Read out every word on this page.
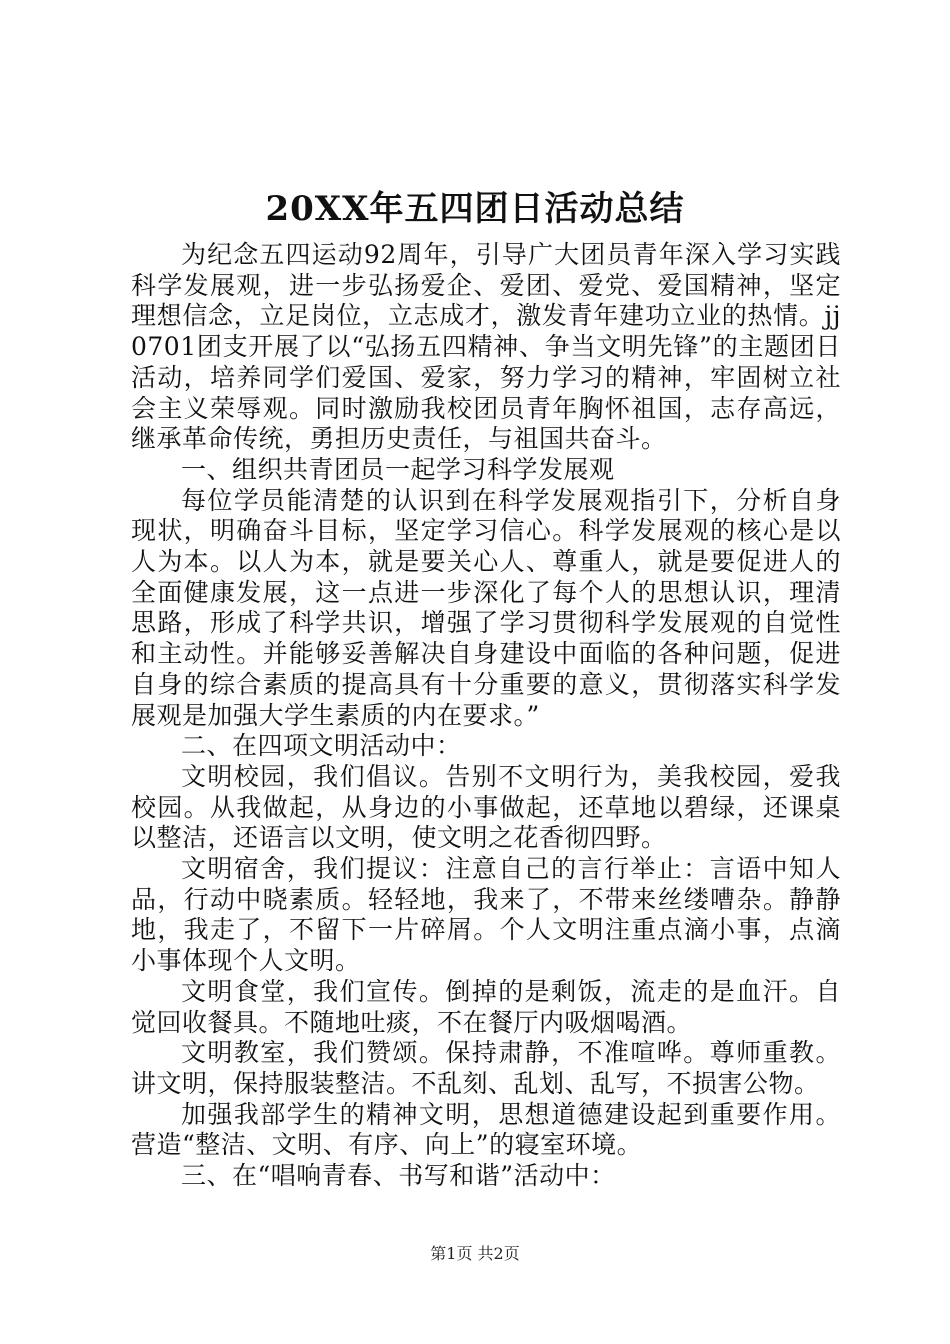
20XX年五四团日活动总结

为纪念五四运动92周年，引导广大团员青年深入学习实践科学发展观，进一步弘扬爱企、爱团、爱党、爱国精神，坚定理想信念，立足岗位，立志成才，激发青年建功立业的热情。jj0701团支开展了以“弘扬五四精神、争当文明先锋”的主题团日活动，培养同学们爱国、爱家，努力学习的精神，牢固树立社会主义荣辱观。同时激励我校团员青年胸怀祖国，志存高远，继承革命传统，勇担历史责任，与祖国共奋斗。

一、组织共青团员一起学习科学发展观

每位学员能清楚的认识到在科学发展观指引下，分析自身现状，明确奋斗目标，坚定学习信心。科学发展观的核心是以人为本。以人为本，就是要关心人、尊重人，就是要促进人的全面健康发展，这一点进一步深化了每个人的思想认识，理清思路，形成了科学共识，增强了学习贯彻科学发展观的自觉性和主动性。并能够妥善解决自身建设中面临的各种问题，促进自身的综合素质的提高具有十分重要的意义，贯彻落实科学发展观是加强大学生素质的内在要求。”

二、在四项文明活动中：

文明校园，我们倡议。告别不文明行为，美我校园，爱我校园。从我做起，从身边的小事做起，还草地以碧绿，还课桌以整洁，还语言以文明，使文明之花香彻四野。

文明宿舍，我们提议：注意自己的言行举止：言语中知人品，行动中晓素质。轻轻地，我来了，不带来丝缕嘈杂。静静地，我走了，不留下一片碎屑。个人文明注重点滴小事，点滴小事体现个人文明。

文明食堂，我们宣传。倒掉的是剩饭，流走的是血汗。自觉回收餐具。不随地吐痰，不在餐厅内吸烟喝酒。

文明教室，我们赞颂。保持肃静，不准喧哗。尊师重教。讲文明，保持服装整洁。不乱刻、乱划、乱写，不损害公物。

加强我部学生的精神文明，思想道德建设起到重要作用。营造“整洁、文明、有序、向上”的寝室环境。

三、在“唱响青春、书写和谐”活动中：

第1页 共2页
